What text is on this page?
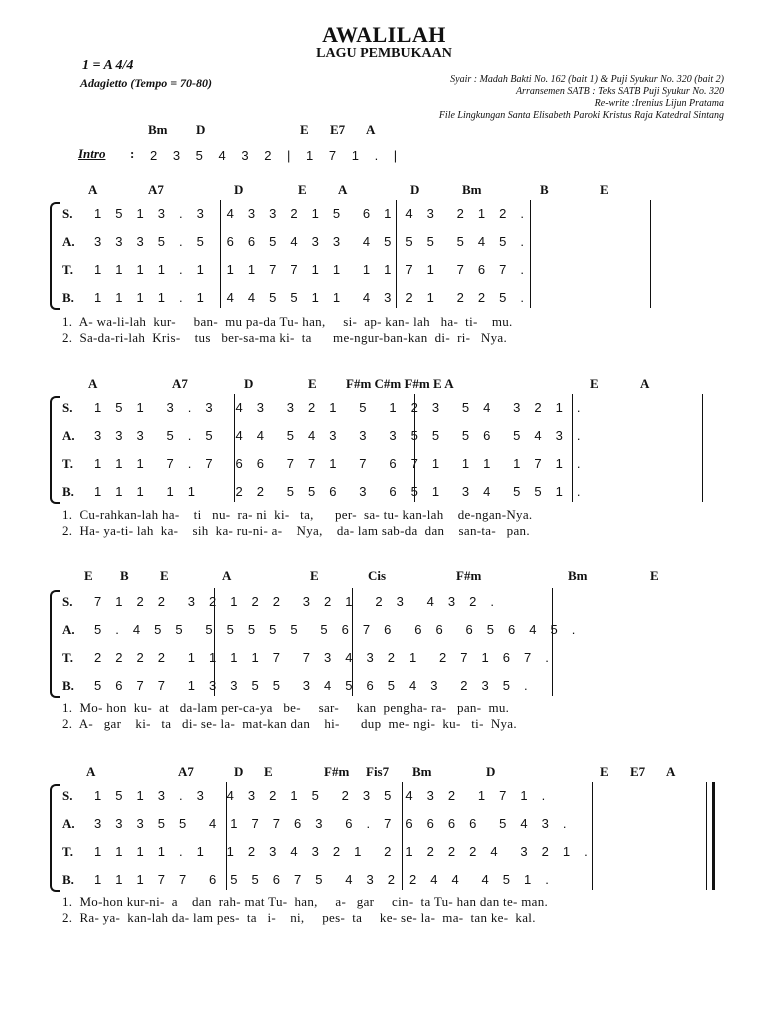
AWALILAH
LAGU PEMBUKAAN
1 = A 4/4
Adagietto (Tempo = 70-80)	Syair : Madah Bakti No. 162 (bait 1) & Puji Syukur No. 320 (bait 2)
Arransemen SATB : Teks SATB Puji Syukur No. 320
Re-write :Irenius Lijun Pratama
File Lingkungan Santa Elisabeth Paroki Kristus Raja Katedral Sintang
Bm D	E E7 A
Intro : 2 3 5 4 3 2 | 1 7 1 . |
A	A7	D	E A	D	Bm	B	E
S. 1 5 1 3 . 3  4 3 3 2 1 5  6 1 4 3  2 1 2 .
A. 3 3 3 5 . 5  6 6 5 4 3 3  4 5 5 5  5 4 5 .
T. 1 1 1 1 . 1  1 1 7 7 1 1  1 1 7 1  7 6 7 .
B. 1 1 1 1 . 1  4 4 5 5 1 1  4 3 2 1  2 2 5 .
1.  A- wa-li-lah  kur-     ban-  mu pa-da Tu- han,     si-  ap- kan- lah   ha-  ti-    mu.
2.  Sa-da-ri-lah  Kris-    tus   ber-sa-ma ki-  ta      me-ngur-ban-kan  di-  ri-   Nya.
A	A7	D	E F#m C#m F#m E A	E	A
S. 1 5 1  3 . 3  4 3  3 2 1  5  1 2 3  5 4  3 2 1 .
A. 3 3 3  5 . 5  4 4  5 4 3  3  3 5 5  5 6  5 4 3 .
T. 1 1 1  7 . 7  6 6  7 7 1  7  6 7 1  1 1  1 7 1 .
B. 1 1 1  1 1    2 2  5 5 6  3  6 5 1  3 4  5 5 1 .
1.  Cu-rahkan-lah ha-    ti   nu-  ra- ni  ki-   ta,      per-  sa- tu- kan-lah    de-ngan-Nya.
2.  Ha- ya-ti- lah  ka-    sih  ka- ru-ni- a-    Nya,    da- lam sab-da  dan    san-ta-   pan.
E B E	A	E	Cis	F#m	Bm	E
S. 7 1 2 2  3 2 1 2 2  3 2 1  2 3  4 3 2 .
A. 5 . 4 5 5  5 5 5 5 5  5 6 7 6  6 6  6 5 6 4 5 .
T. 2 2 2 2  1 1 1 1 7  7 3 4 3 2 1  2 7 1 6 7 .
B. 5 6 7 7  1 3 3 5 5  3 4 5 6 5 4 3  2 3 5 .
1.  Mo- hon  ku-  at   da-lam per-ca-ya   be-     sar-     kan  pengha- ra-   pan-  mu.
2.  A-   gar    ki-   ta   di- se- la-  mat-kan dan    hi-      dup  me- ngi-  ku-   ti-  Nya.
A	A7	D E	F#m Fis7 Bm	D	E E7 A
S. 1 5 1 3 . 3  4 3 2 1 5  2 3 5 4 3 2  1 7 1 .
A. 3 3 3 5 5  4 1 7 7 6 3  6 . 7 6 6 6 6  5 4 3 .
T. 1 1 1 1 . 1  1 2 3 4 3 2 1  2 1 2 2 2 4  3 2 1 .
B. 1 1 1 7 7  6 5 5 6 7 5  4 3 2 2 4 4  4 5 1 .
1.  Mo-hon kur-ni-  a    dan  rah- mat Tu-  han,     a-   gar     cin-  ta Tu- han dan te- man.
2.  Ra- ya-  kan-lah da- lam pes-  ta   i-    ni,     pes-  ta     ke- se- la-  ma-  tan ke-  kal.
